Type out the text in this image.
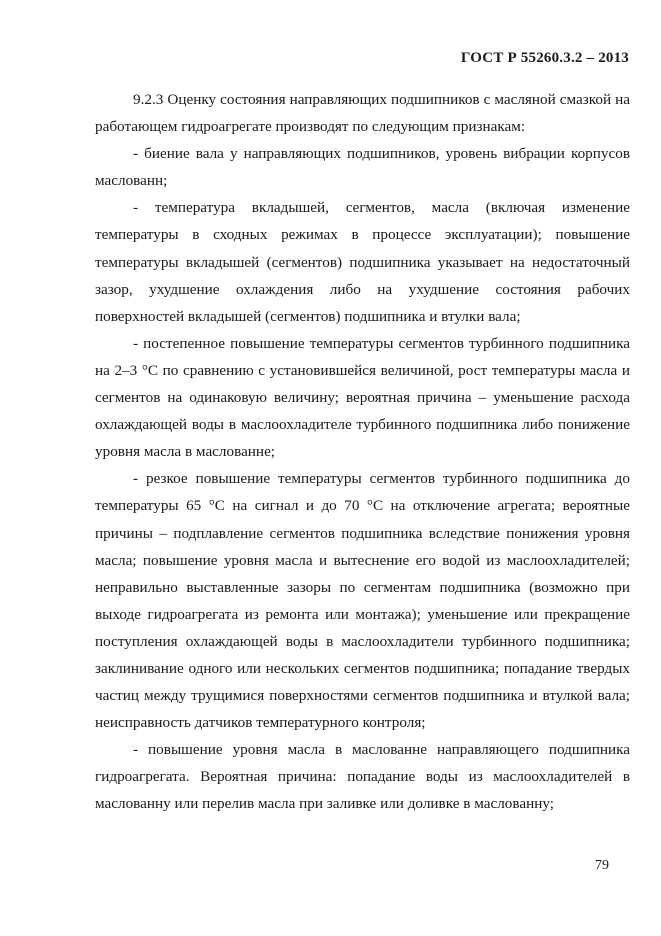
ГОСТ Р 55260.3.2 – 2013

9.2.3 Оценку состояния направляющих подшипников с масляной смазкой на работающем гидроагрегате производят по следующим признакам:

- биение вала у направляющих подшипников, уровень вибрации корпусов маслованн;

- температура вкладышей, сегментов, масла (включая изменение температуры в сходных режимах в процессе эксплуатации); повышение температуры вкладышей (сегментов) подшипника указывает на недостаточный зазор, ухудшение охлаждения либо на ухудшение состояния рабочих поверхностей вкладышей (сегментов) подшипника и втулки вала;

- постепенное повышение температуры сегментов турбинного подшипника на 2–3 °С по сравнению с установившейся величиной, рост температуры масла и сегментов на одинаковую величину; вероятная причина – уменьшение расхода охлаждающей воды в маслоохладителе турбинного подшипника либо понижение уровня масла в маслованне;

- резкое повышение температуры сегментов турбинного подшипника до температуры 65 °С на сигнал и до 70 °С на отключение агрегата; вероятные причины – подплавление сегментов подшипника вследствие понижения уровня масла; повышение уровня масла и вытеснение его водой из маслоохладителей; неправильно выставленные зазоры по сегментам подшипника (возможно при выходе гидроагрегата из ремонта или монтажа); уменьшение или прекращение поступления охлаждающей воды в маслоохладители турбинного подшипника; заклинивание одного или нескольких сегментов подшипника; попадание твердых частиц между трущимися поверхностями сегментов подшипника и втулкой вала; неисправность датчиков температурного контроля;

- повышение уровня масла в маслованне направляющего подшипника гидроагрегата. Вероятная причина: попадание воды из маслоохладителей в маслованну или перелив масла при заливке или доливке в маслованну;

79
